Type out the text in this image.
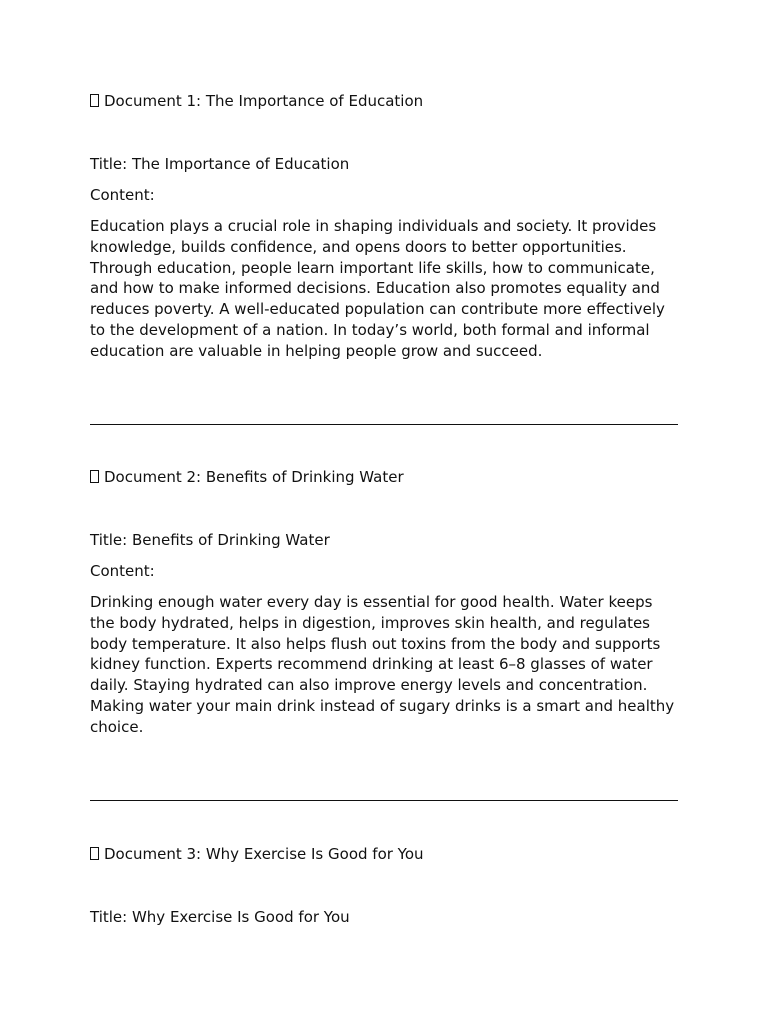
Document 1: The Importance of Education
Title: The Importance of Education
Content:

Education plays a crucial role in shaping individuals and society. It provides knowledge, builds confidence, and opens doors to better opportunities. Through education, people learn important life skills, how to communicate, and how to make informed decisions. Education also promotes equality and reduces poverty. A well-educated population can contribute more effectively to the development of a nation. In today’s world, both formal and informal education are valuable in helping people grow and succeed.

Document 2: Benefits of Drinking Water
Title: Benefits of Drinking Water
Content:

Drinking enough water every day is essential for good health. Water keeps the body hydrated, helps in digestion, improves skin health, and regulates body temperature. It also helps flush out toxins from the body and supports kidney function. Experts recommend drinking at least 6–8 glasses of water daily. Staying hydrated can also improve energy levels and concentration. Making water your main drink instead of sugary drinks is a smart and healthy choice.

Document 3: Why Exercise Is Good for You
Title: Why Exercise Is Good for You
